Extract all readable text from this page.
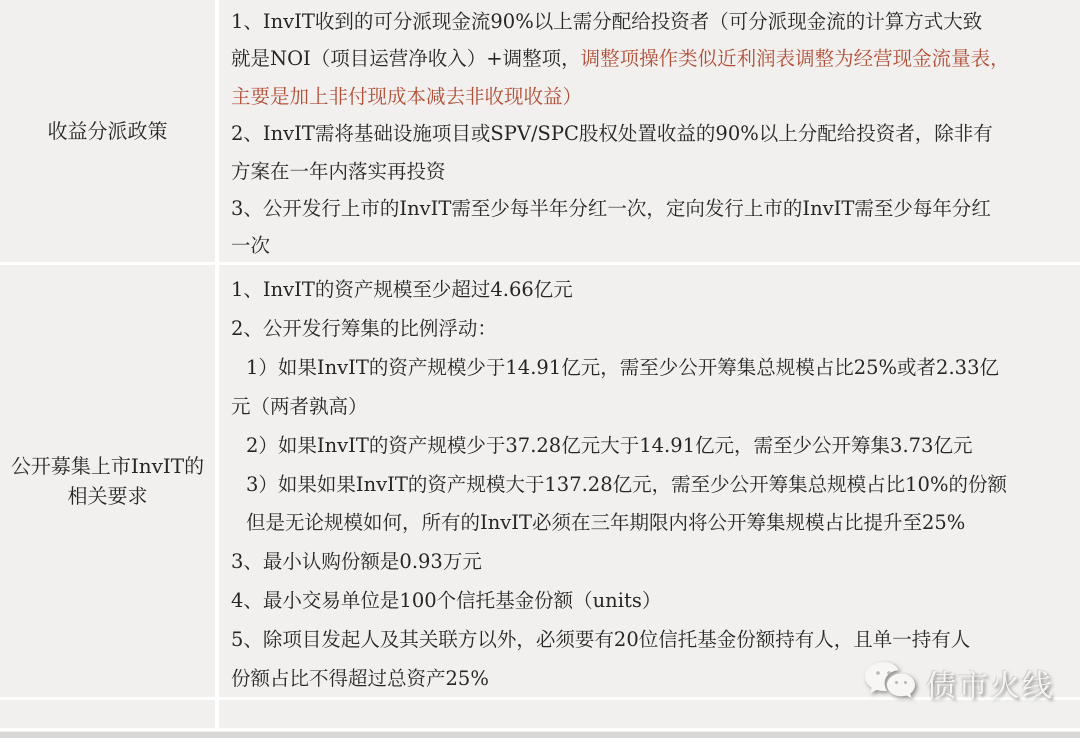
收益分派政策

1、InvIT收到的可分派现金流90%以上需分配给投资者（可分派现金流的计算方式大致

就是NOI（项目运营净收入）+调整项，调整项操作类似近利润表调整为经营现金流量表，

主要是加上非付现成本减去非收现收益）

2、InvIT需将基础设施项目或SPV/SPC股权处置收益的90%以上分配给投资者，除非有

方案在一年内落实再投资

3、公开发行上市的InvIT需至少每半年分红一次，定向发行上市的InvIT需至少每年分红

一次

公开募集上市InvIT的相关要求

1、InvIT的资产规模至少超过4.66亿元

2、公开发行筹集的比例浮动：

1）如果InvIT的资产规模少于14.91亿元，需至少公开筹集总规模占比25%或者2.33亿

元（两者孰高）

2）如果InvIT的资产规模少于37.28亿元大于14.91亿元，需至少公开筹集3.73亿元

3）如果如果InvIT的资产规模大于137.28亿元，需至少公开筹集总规模占比10%的份额

但是无论规模如何，所有的InvIT必须在三年期限内将公开筹集规模占比提升至25%

3、最小认购份额是0.93万元

4、最小交易单位是100个信托基金份额（units）

5、除项目发起人及其关联方以外，必须要有20位信托基金份额持有人，且单一持有人

份额占比不得超过总资产25%	债市火线
